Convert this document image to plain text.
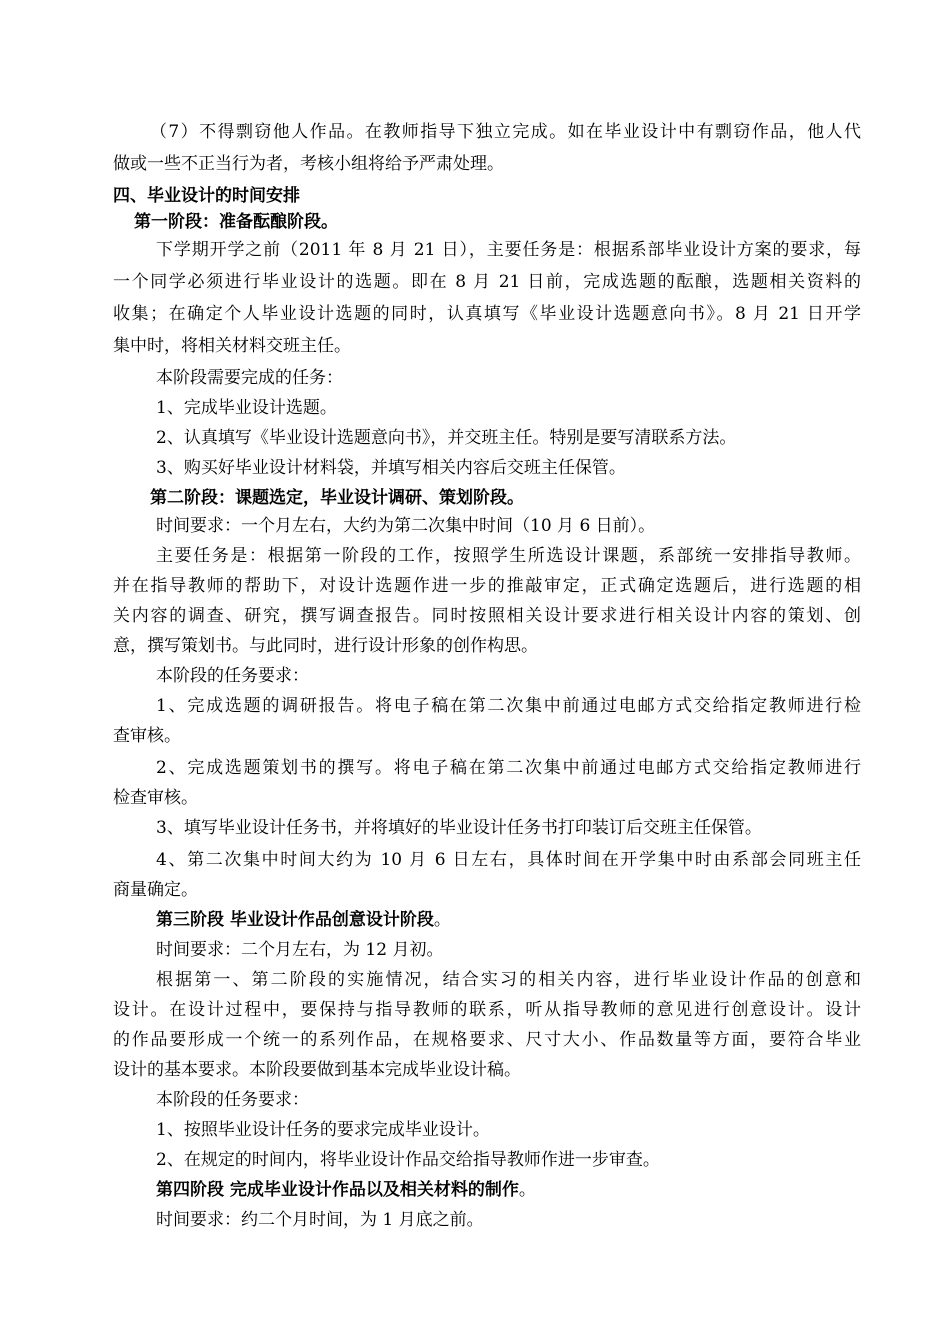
（7）不得剽窃他人作品。在教师指导下独立完成。如在毕业设计中有剽窃作品，他人代
做或一些不正当行为者，考核小组将给予严肃处理。
四、毕业设计的时间安排
第一阶段：准备酝酿阶段。
下学期开学之前（2011 年 8 月 21 日），主要任务是：根据系部毕业设计方案的要求，每
一个同学必须进行毕业设计的选题。即在 8 月 21 日前，完成选题的酝酿，选题相关资料的
收集；在确定个人毕业设计选题的同时，认真填写《毕业设计选题意向书》。8 月 21 日开学
集中时，将相关材料交班主任。
本阶段需要完成的任务：
1、完成毕业设计选题。
2、认真填写《毕业设计选题意向书》，并交班主任。特别是要写清联系方法。
3、购买好毕业设计材料袋，并填写相关内容后交班主任保管。
第二阶段：课题选定，毕业设计调研、策划阶段。
时间要求：一个月左右，大约为第二次集中时间（10 月 6 日前）。
主要任务是：根据第一阶段的工作，按照学生所选设计课题，系部统一安排指导教师。
并在指导教师的帮助下，对设计选题作进一步的推敲审定，正式确定选题后，进行选题的相
关内容的调查、研究，撰写调查报告。同时按照相关设计要求进行相关设计内容的策划、创
意，撰写策划书。与此同时，进行设计形象的创作构思。
本阶段的任务要求：
1、完成选题的调研报告。将电子稿在第二次集中前通过电邮方式交给指定教师进行检
查审核。
2、完成选题策划书的撰写。将电子稿在第二次集中前通过电邮方式交给指定教师进行
检查审核。
3、填写毕业设计任务书，并将填好的毕业设计任务书打印装订后交班主任保管。
4、第二次集中时间大约为 10 月 6 日左右，具体时间在开学集中时由系部会同班主任
商量确定。
第三阶段 毕业设计作品创意设计阶段。
时间要求：二个月左右，为 12 月初。
根据第一、第二阶段的实施情况，结合实习的相关内容，进行毕业设计作品的创意和
设计。在设计过程中，要保持与指导教师的联系，听从指导教师的意见进行创意设计。设计
的作品要形成一个统一的系列作品，在规格要求、尺寸大小、作品数量等方面，要符合毕业
设计的基本要求。本阶段要做到基本完成毕业设计稿。
本阶段的任务要求：
1、按照毕业设计任务的要求完成毕业设计。
2、在规定的时间内，将毕业设计作品交给指导教师作进一步审查。
第四阶段 完成毕业设计作品以及相关材料的制作。
时间要求：约二个月时间，为 1 月底之前。
